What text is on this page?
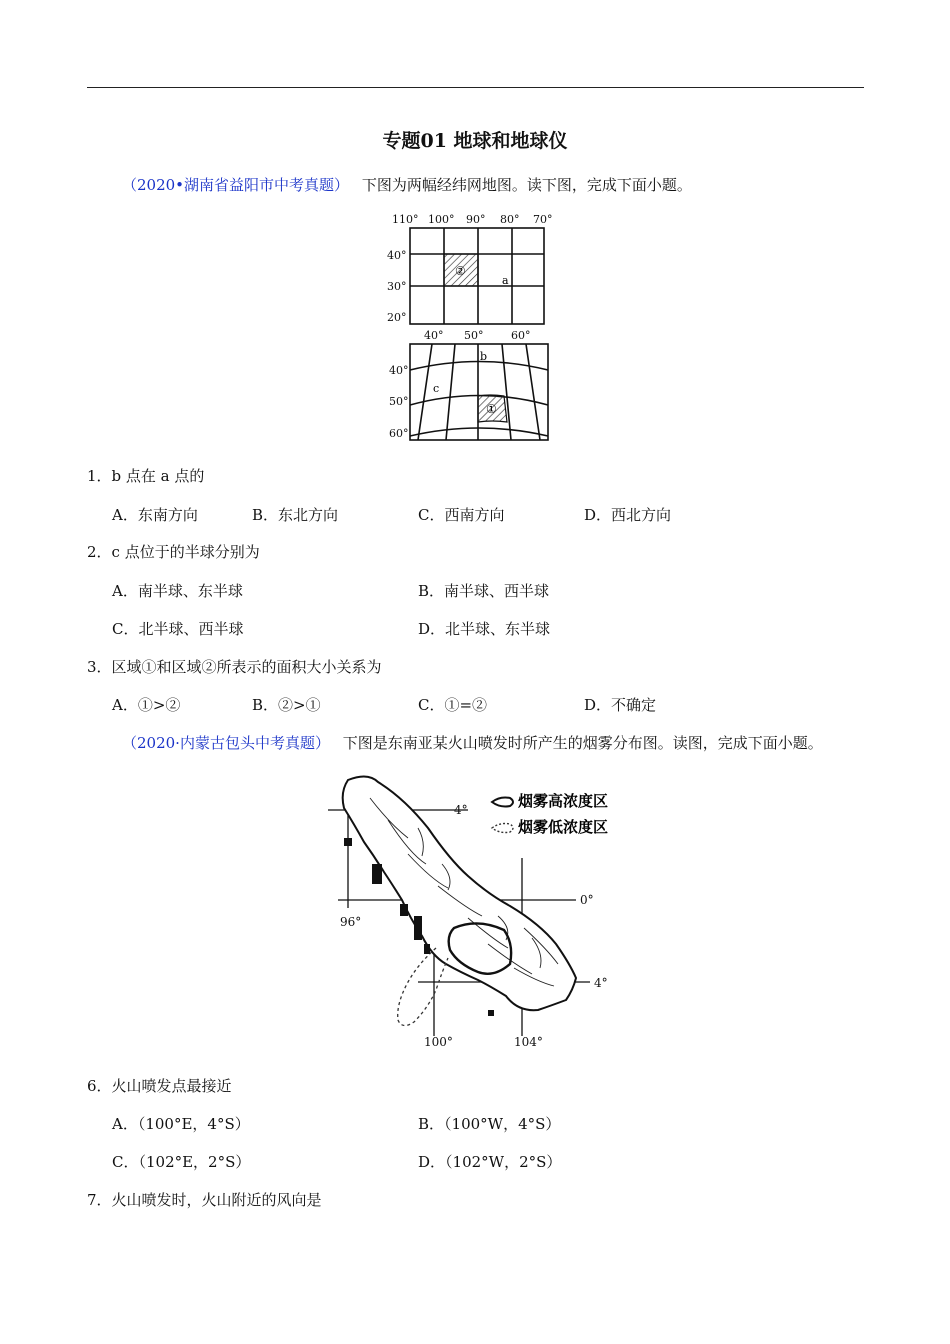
专题01 地球和地球仪
（2020•湖南省益阳市中考真题） 下图为两幅经纬网地图。读下图，完成下面小题。
110° 100° 90° 80° 70°
40°
30°
20°
②
a
40° 50°	60°
40°
50°
60°
①
b
c
1．b 点在 a 点的
A．东南方向	B．东北方向	C．西南方向	D．西北方向
2．c 点位于的半球分别为
A．南半球、东半球	B．南半球、西半球
C．北半球、西半球	D．北半球、东半球
3．区域①和区域②所表示的面积大小关系为
A．①>②	B．②>①	C．①=②	D．不确定
（2020·内蒙古包头中考真题） 下图是东南亚某火山喷发时所产生的烟雾分布图。读图，完成下面小题。
烟雾高浓度区
烟雾低浓度区
4°
0°
4°
96°
100°	104°
6．火山喷发点最接近
A．（100°E，4°S）	B．（100°W，4°S）
C．（102°E，2°S）	D．（102°W，2°S）
7．火山喷发时，火山附近的风向是
